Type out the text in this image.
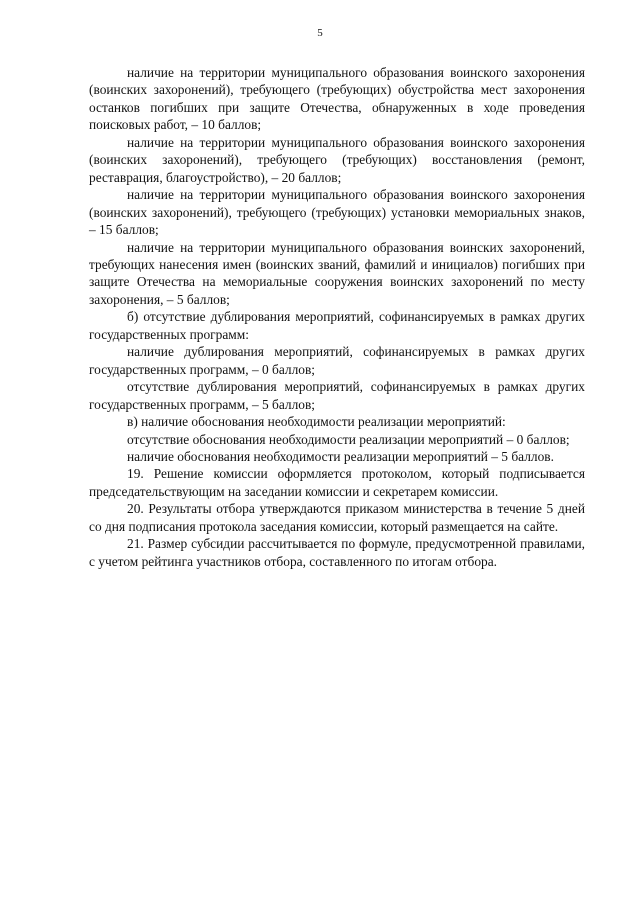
5

наличие на территории муниципального образования воинского захоронения (воинских захоронений), требующего (требующих) обустройства мест захоронения останков погибших при защите Отечества, обнаруженных в ходе проведения поисковых работ, – 10 баллов;

наличие на территории муниципального образования воинского захоронения (воинских захоронений), требующего (требующих) восстановления (ремонт, реставрация, благоустройство), – 20 баллов;

наличие на территории муниципального образования воинского захоронения (воинских захоронений), требующего (требующих) установки мемориальных знаков, – 15 баллов;

наличие на территории муниципального образования воинских захоронений, требующих нанесения имен (воинских званий, фамилий и инициалов) погибших при защите Отечества на мемориальные сооружения воинских захоронений по месту захоронения, – 5 баллов;

б) отсутствие дублирования мероприятий, софинансируемых в рамках других государственных программ:

наличие дублирования мероприятий, софинансируемых в рамках других государственных программ, – 0 баллов;

отсутствие дублирования мероприятий, софинансируемых в рамках других государственных программ, – 5 баллов;

в) наличие обоснования необходимости реализации мероприятий:

отсутствие обоснования необходимости реализации мероприятий – 0 баллов;

наличие обоснования необходимости реализации мероприятий – 5 баллов.

19. Решение комиссии оформляется протоколом, который подписывается председательствующим на заседании комиссии и секретарем комиссии.

20. Результаты отбора утверждаются приказом министерства в течение 5 дней со дня подписания протокола заседания комиссии, который размещается на сайте.

21. Размер субсидии рассчитывается по формуле, предусмотренной правилами, с учетом рейтинга участников отбора, составленного по итогам отбора.
